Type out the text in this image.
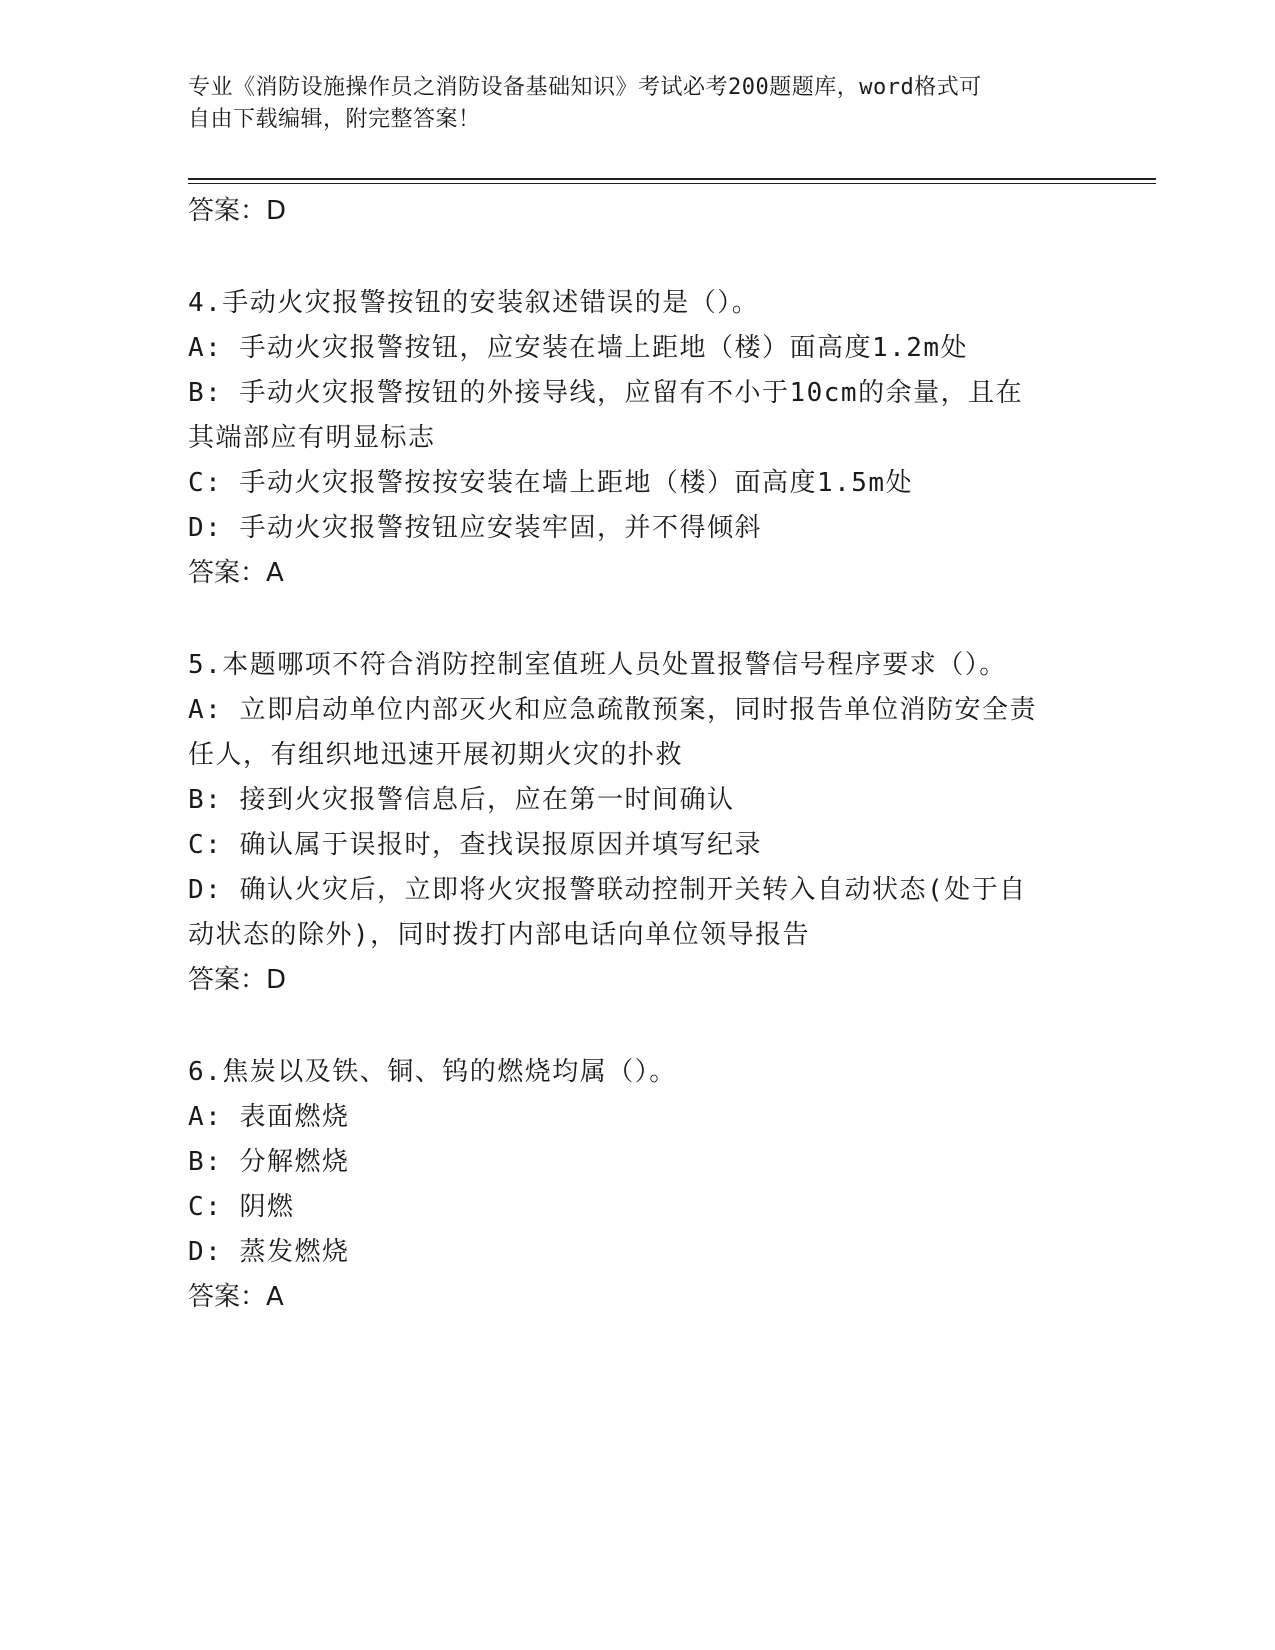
专业《消防设施操作员之消防设备基础知识》考试必考200题题库，word格式可
自由下载编辑，附完整答案！
答案：D
4.手动火灾报警按钮的安装叙述错误的是（）。
A: 手动火灾报警按钮，应安装在墙上距地（楼）面高度1.2m处
B: 手动火灾报警按钮的外接导线，应留有不小于10cm的余量，且在
其端部应有明显标志
C: 手动火灾报警按按安装在墙上距地（楼）面高度1.5m处
D: 手动火灾报警按钮应安装牢固，并不得倾斜
答案：A
5.本题哪项不符合消防控制室值班人员处置报警信号程序要求（）。
A: 立即启动单位内部灭火和应急疏散预案，同时报告单位消防安全责
任人，有组织地迅速开展初期火灾的扑救
B: 接到火灾报警信息后，应在第一时间确认
C: 确认属于误报时，查找误报原因并填写纪录
D: 确认火灾后，立即将火灾报警联动控制开关转入自动状态(处于自
动状态的除外)，同时拨打内部电话向单位领导报告
答案：D
6.焦炭以及铁、铜、钨的燃烧均属（）。
A: 表面燃烧
B: 分解燃烧
C: 阴燃
D: 蒸发燃烧
答案：A
